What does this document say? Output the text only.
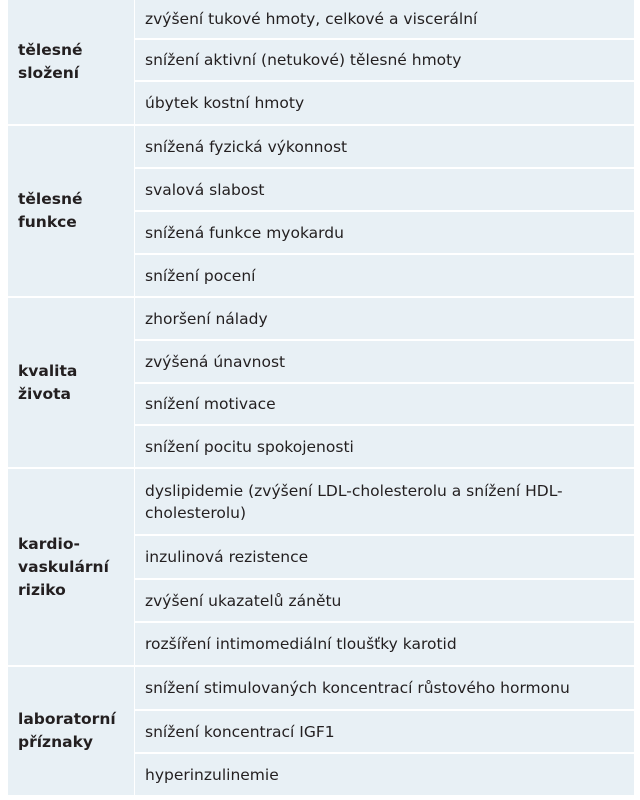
tělesné
složení
zvýšení tukové hmoty, celkové a viscerální
snížení aktivní (netukové) tělesné hmoty
úbytek kostní hmoty
tělesné
funkce
snížená fyzická výkonnost
svalová slabost
snížená funkce myokardu
snížení pocení
kvalita
života
zhoršení nálady
zvýšená únavnost
snížení motivace
snížení pocitu spokojenosti
kardio-
vaskulární
riziko
dyslipidemie (zvýšení LDL-cholesterolu a snížení HDL-cholesterolu)
inzulinová rezistence
zvýšení ukazatelů zánětu
rozšíření intimomediální tloušťky karotid
laboratorní
příznaky
snížení stimulovaných koncentrací růstového hormonu
snížení koncentrací IGF1
hyperinzulinemie
